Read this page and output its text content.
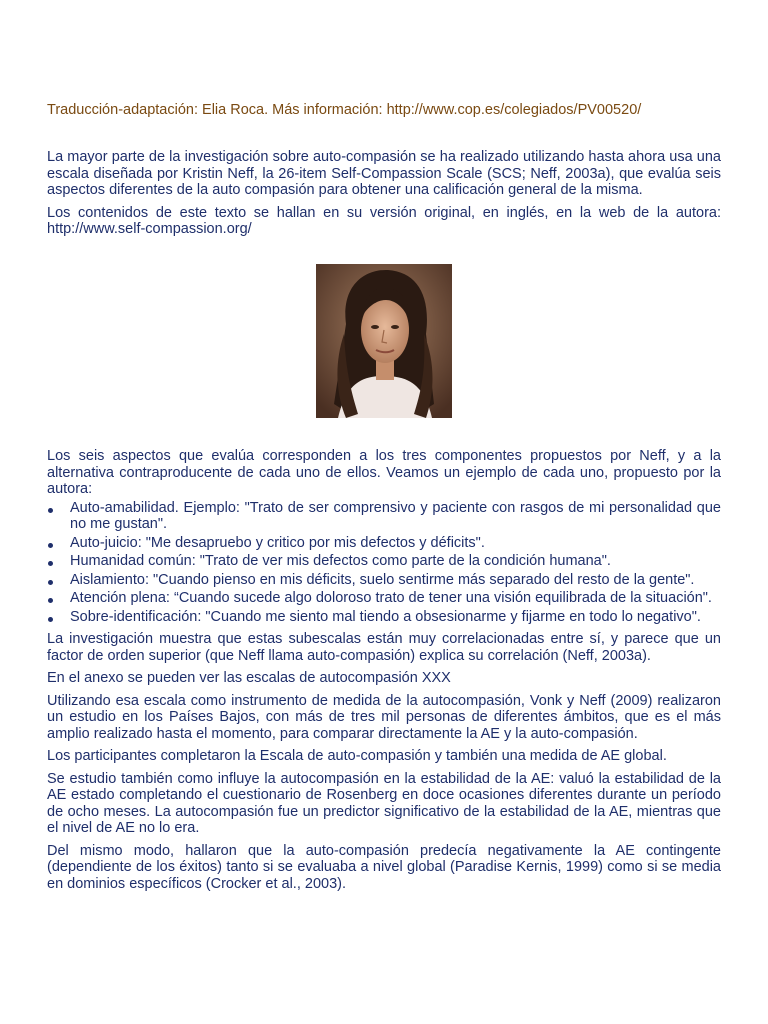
Traducción-adaptación: Elia Roca. Más información: http://www.cop.es/colegiados/PV00520/

La mayor parte de la investigación sobre auto-compasión se ha realizado utilizando hasta ahora usa una escala diseñada por Kristin Neff, la 26-item Self-Compassion Scale (SCS; Neff, 2003a), que evalúa seis aspectos diferentes de la auto compasión para obtener una calificación general de la misma.

Los contenidos de este texto se hallan en su versión original, en inglés, en la web de la autora: http://www.self-compassion.org/

Los seis aspectos que evalúa corresponden a los tres componentes propuestos por Neff, y a la alternativa contraproducente de cada uno de ellos. Veamos un ejemplo de cada uno, propuesto por la autora:

Auto-amabilidad. Ejemplo: "Trato de ser comprensivo y paciente con rasgos de mi personalidad que no me gustan".
Auto-juicio: "Me desapruebo y critico por mis defectos y déficits".
Humanidad común: "Trato de ver mis defectos como parte de la condición humana".
Aislamiento: "Cuando pienso en mis déficits, suelo sentirme más separado del resto de la gente".
Atención plena: “Cuando sucede algo doloroso trato de tener una visión equilibrada de la situación".
Sobre-identificación: "Cuando me siento mal tiendo a obsesionarme y fijarme en todo lo negativo".

La investigación muestra que estas subescalas están muy correlacionadas entre sí, y parece que un factor de orden superior (que Neff llama auto-compasión) explica su correlación (Neff, 2003a).

En el anexo se pueden ver las escalas de autocompasión XXX

Utilizando esa escala como instrumento de medida de la autocompasión, Vonk y Neff (2009) realizaron un estudio en los Países Bajos, con más de tres mil personas de diferentes ámbitos, que es el más amplio realizado hasta el momento, para comparar directamente la AE y la auto-compasión.

Los participantes completaron la Escala de auto-compasión y también una medida de AE global.

Se estudio también como influye la autocompasión en la estabilidad de la AE: valuó la estabilidad de la AE estado completando el cuestionario de Rosenberg en doce ocasiones diferentes durante un período de ocho meses. La autocompasión fue un predictor significativo de la estabilidad de la AE, mientras que el nivel de AE no lo era.

Del mismo modo, hallaron que la auto-compasión predecía negativamente la AE contingente (dependiente de los éxitos) tanto si se evaluaba a nivel global (Paradise Kernis, 1999) como si se media en dominios específicos (Crocker et al., 2003).
